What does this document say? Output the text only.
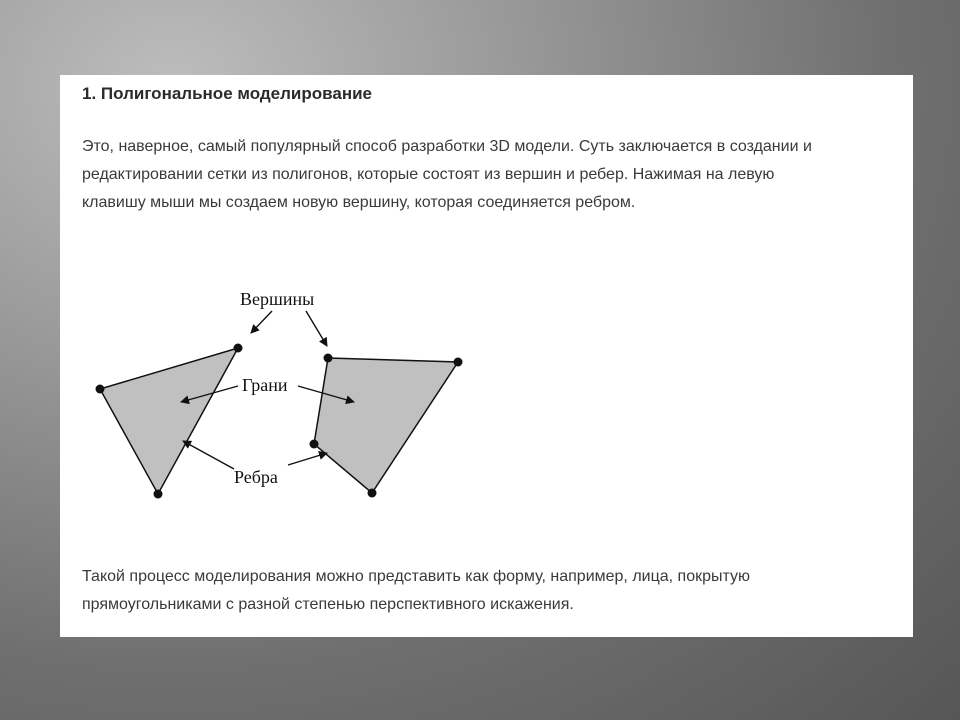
1. Полигональное моделирование

Это, наверное, самый популярный способ разработки 3D модели. Суть заключается в создании и
редактировании сетки из полигонов, которые состоят из вершин и ребер. Нажимая на левую
клавишу мыши мы создаем новую вершину, которая соединяется ребром.

Вершины
Грани
Ребра

Такой процесс моделирования можно представить как форму, например, лица, покрытую
прямоугольниками с разной степенью перспективного искажения.
